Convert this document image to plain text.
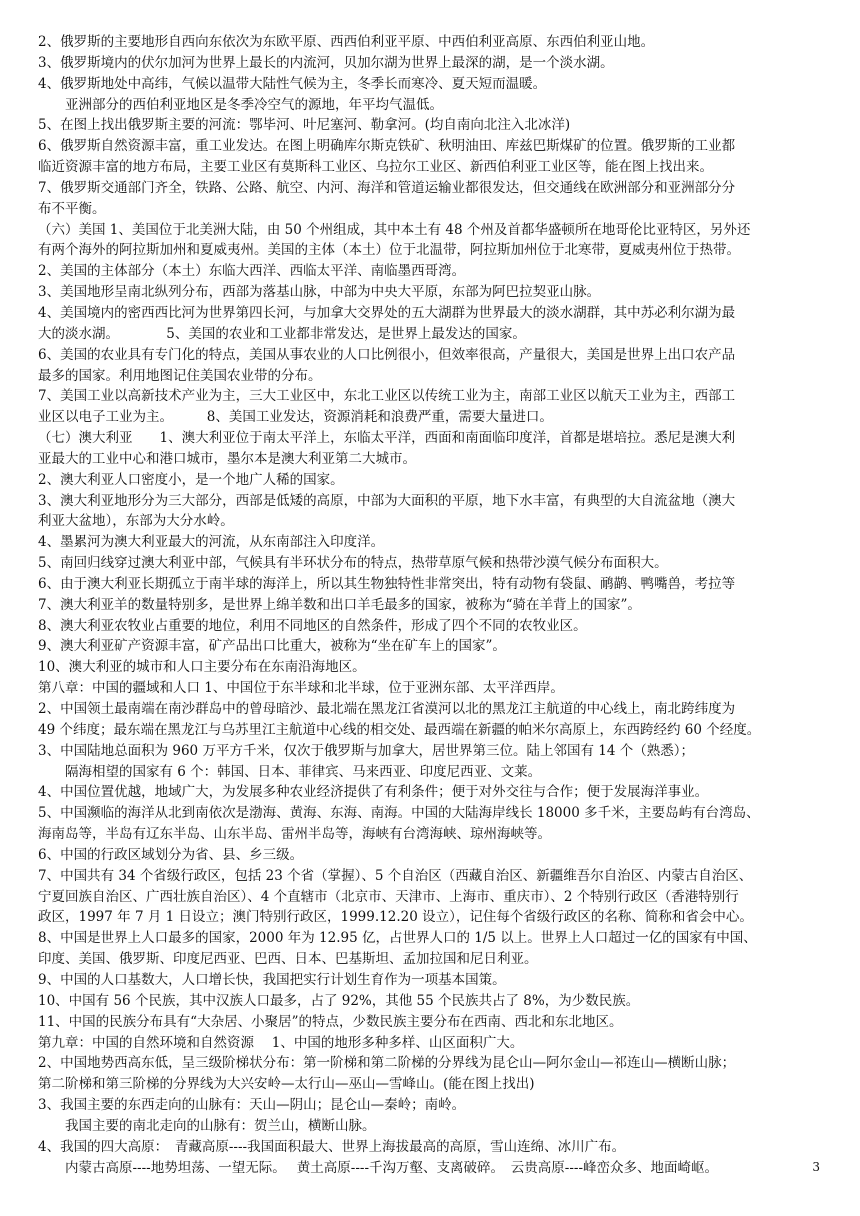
2、俄罗斯的主要地形自西向东依次为东欧平原、西西伯利亚平原、中西伯利亚高原、东西伯利亚山地。
3、俄罗斯境内的伏尔加河为世界上最长的内流河，贝加尔湖为世界上最深的湖，是一个淡水湖。
4、俄罗斯地处中高纬，气候以温带大陆性气候为主，冬季长而寒冷、夏天短而温暖。
亚洲部分的西伯利亚地区是冬季冷空气的源地，年平均气温低。
5、在图上找出俄罗斯主要的河流：鄂毕河、叶尼塞河、勒拿河。(均自南向北注入北冰洋)
6、俄罗斯自然资源丰富，重工业发达。在图上明确库尔斯克铁矿、秋明油田、库兹巴斯煤矿的位置。俄罗斯的工业都
临近资源丰富的地方布局，主要工业区有莫斯科工业区、乌拉尔工业区、新西伯利亚工业区等，能在图上找出来。
7、俄罗斯交通部门齐全，铁路、公路、航空、内河、海洋和管道运输业都很发达，但交通线在欧洲部分和亚洲部分分
布不平衡。
（六）美国 1、美国位于北美洲大陆，由 50 个州组成，其中本土有 48 个州及首都华盛顿所在地哥伦比亚特区，另外还
有两个海外的阿拉斯加州和夏威夷州。美国的主体（本土）位于北温带，阿拉斯加州位于北寒带，夏威夷州位于热带。
2、美国的主体部分（本土）东临大西洋、西临太平洋、南临墨西哥湾。
3、美国地形呈南北纵列分布，西部为落基山脉，中部为中央大平原，东部为阿巴拉契亚山脉。
4、美国境内的密西西比河为世界第四长河，与加拿大交界处的五大湖群为世界最大的淡水湖群，其中苏必利尔湖为最
大的淡水湖。　　　　5、美国的农业和工业都非常发达，是世界上最发达的国家。
6、美国的农业具有专门化的特点，美国从事农业的人口比例很小，但效率很高，产量很大，美国是世界上出口农产品
最多的国家。利用地图记住美国农业带的分布。
7、美国工业以高新技术产业为主，三大工业区中，东北工业区以传统工业为主，南部工业区以航天工业为主，西部工
业区以电子工业为主。　　　8、美国工业发达，资源消耗和浪费严重，需要大量进口。
（七）澳大利亚　　1、澳大利亚位于南太平洋上，东临太平洋，西面和南面临印度洋，首都是堪培拉。悉尼是澳大利
亚最大的工业中心和港口城市，墨尔本是澳大利亚第二大城市。
2、澳大利亚人口密度小，是一个地广人稀的国家。
3、澳大利亚地形分为三大部分，西部是低矮的高原，中部为大面积的平原，地下水丰富，有典型的大自流盆地（澳大
利亚大盆地），东部为大分水岭。
4、墨累河为澳大利亚最大的河流，从东南部注入印度洋。
5、南回归线穿过澳大利亚中部，气候具有半环状分布的特点，热带草原气候和热带沙漠气候分布面积大。
6、由于澳大利亚长期孤立于南半球的海洋上，所以其生物独特性非常突出，特有动物有袋鼠、鸸鹋、鸭嘴兽，考拉等
7、澳大利亚羊的数量特别多，是世界上绵羊数和出口羊毛最多的国家，被称为“骑在羊背上的国家”。
8、澳大利亚农牧业占重要的地位，利用不同地区的自然条件，形成了四个不同的农牧业区。
9、澳大利亚矿产资源丰富，矿产品出口比重大，被称为“坐在矿车上的国家”。
10、澳大利亚的城市和人口主要分布在东南沿海地区。
第八章：中国的疆域和人口 1、中国位于东半球和北半球，位于亚洲东部、太平洋西岸。
2、中国领土最南端在南沙群岛中的曾母暗沙、最北端在黑龙江省漠河以北的黑龙江主航道的中心线上，南北跨纬度为
49 个纬度；最东端在黑龙江与乌苏里江主航道中心线的相交处、最西端在新疆的帕米尔高原上，东西跨经约 60 个经度。
3、中国陆地总面积为 960 万平方千米，仅次于俄罗斯与加拿大，居世界第三位。陆上邻国有 14 个（熟悉）；
隔海相望的国家有 6 个：韩国、日本、菲律宾、马来西亚、印度尼西亚、文莱。
4、中国位置优越，地域广大，为发展多种农业经济提供了有利条件；便于对外交往与合作；便于发展海洋事业。
5、中国濒临的海洋从北到南依次是渤海、黄海、东海、南海。中国的大陆海岸线长 18000 多千米，主要岛屿有台湾岛、
海南岛等，半岛有辽东半岛、山东半岛、雷州半岛等，海峡有台湾海峡、琼州海峡等。
6、中国的行政区域划分为省、县、乡三级。
7、中国共有 34 个省级行政区，包括 23 个省（掌握）、5 个自治区（西藏自治区、新疆维吾尔自治区、内蒙古自治区、
宁夏回族自治区、广西壮族自治区）、4 个直辖市（北京市、天津市、上海市、重庆市）、2 个特别行政区（香港特别行
政区，1997 年 7 月 1 日设立；澳门特别行政区，1999.12.20 设立），记住每个省级行政区的名称、简称和省会中心。
8、中国是世界上人口最多的国家，2000 年为 12.95 亿，占世界人口的 1/5 以上。世界上人口超过一亿的国家有中国、
印度、美国、俄罗斯、印度尼西亚、巴西、日本、巴基斯坦、孟加拉国和尼日利亚。
9、中国的人口基数大，人口增长快，我国把实行计划生育作为一项基本国策。
10、中国有 56 个民族，其中汉族人口最多，占了 92%，其他 55 个民族共占了 8%，为少数民族。
11、中国的民族分布具有“大杂居、小聚居”的特点，少数民族主要分布在西南、西北和东北地区。
第九章：中国的自然环境和自然资源　 1、中国的地形多种多样、山区面积广大。
2、中国地势西高东低，呈三级阶梯状分布：第一阶梯和第二阶梯的分界线为昆仑山—阿尔金山—祁连山—横断山脉；
第二阶梯和第三阶梯的分界线为大兴安岭—太行山—巫山—雪峰山。(能在图上找出)
3、我国主要的东西走向的山脉有：天山—阴山；昆仑山—秦岭；南岭。
我国主要的南北走向的山脉有：贺兰山，横断山脉。
4、我国的四大高原：　青藏高原----我国面积最大、世界上海拔最高的高原，雪山连绵、冰川广布。
内蒙古高原----地势坦荡、一望无际。　 黄土高原----千沟万壑、支离破碎。　云贵高原----峰峦众多、地面崎岖。	3
